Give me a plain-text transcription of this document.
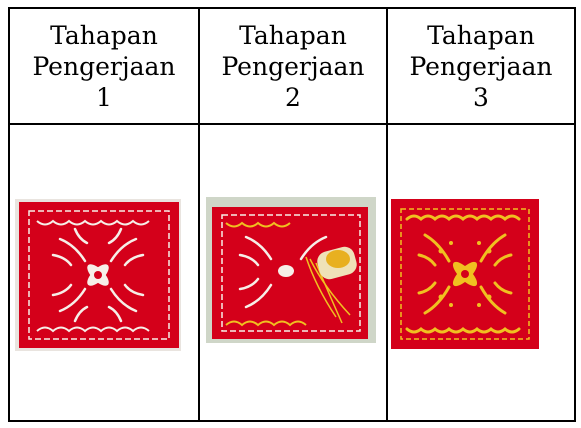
Tahapan
Pengerjaan
1
Tahapan
Pengerjaan
2
Tahapan
Pengerjaan
3
